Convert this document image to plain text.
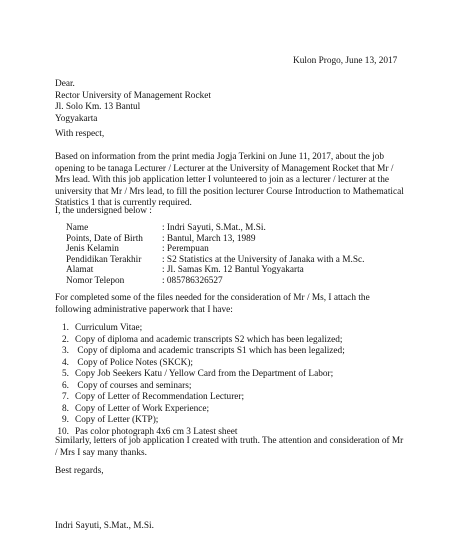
Kulon Progo, June 13, 2017

Dear.
Rector University of Management Rocket
Jl. Solo Km. 13 Bantul
Yogyakarta

With respect,

Based on information from the print media Jogja Terkini on June 11, 2017, about the job
opening to be tanaga Lecturer / Lecturer at the University of Management Rocket that Mr /
Mrs lead. With this job application letter I volunteered to join as a lecturer / lecturer at the
university that Mr / Mrs lead, to fill the position lecturer Course Introduction to Mathematical
Statistics 1 that is currently required.

I, the undersigned below :

Name	: Indri Sayuti, S.Mat., M.Si.
Points, Date of Birth	: Bantul, March 13, 1989
Jenis Kelamin	: Perempuan
Pendidikan Terakhir	: S2 Statistics at the University of Janaka with a M.Sc.
Alamat	: Jl. Samas Km. 12 Bantul Yogyakarta
Nomor Telepon	: 085786326527
For completed some of the files needed for the consideration of Mr / Ms, I attach the
following administrative paperwork that I have:
1. Curriculum Vitae;
2. Copy of diploma and academic transcripts S2 which has been legalized;
3. Copy of diploma and academic transcripts S1 which has been legalized;
4. Copy of Police Notes (SKCK);
5. Copy Job Seekers Katu / Yellow Card from the Department of Labor;
6. Copy of courses and seminars;
7. Copy of Letter of Recommendation Lecturer;
8. Copy of Letter of Work Experience;
9. Copy of Letter (KTP);
10. Pas color photograph 4x6 cm 3 Latest sheet
Similarly, letters of job application I created with truth. The attention and consideration of Mr
/ Mrs I say many thanks.

Best regards,

Indri Sayuti, S.Mat., M.Si.
